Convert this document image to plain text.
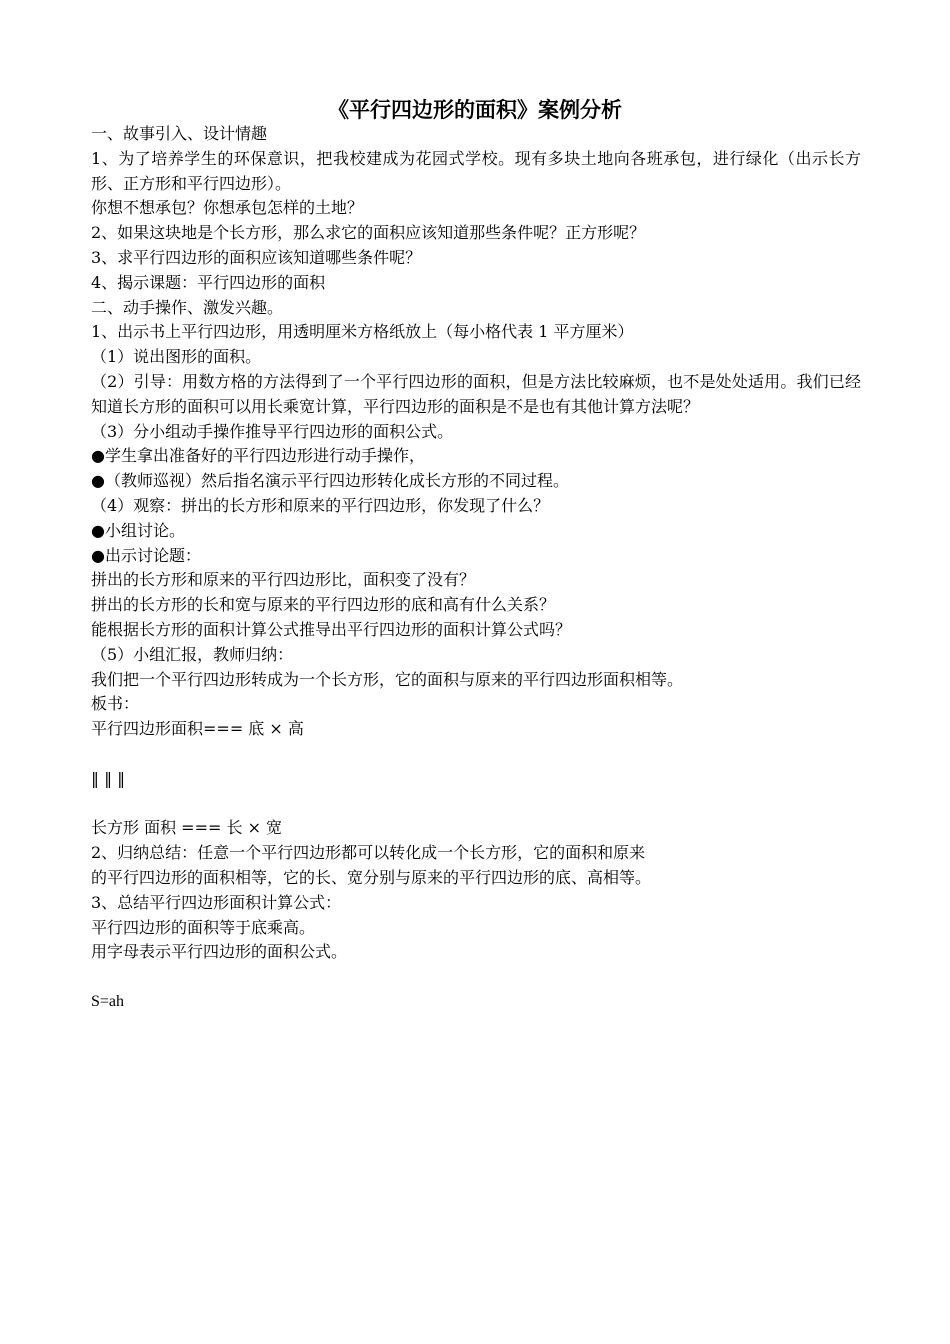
《平行四边形的面积》案例分析

一、故事引入、设计情趣

1、为了培养学生的环保意识，把我校建成为花园式学校。现有多块土地向各班承包，进行绿化（出示长方形、正方形和平行四边形）。

你想不想承包？你想承包怎样的土地？

2、如果这块地是个长方形，那么求它的面积应该知道那些条件呢？正方形呢？

3、求平行四边形的面积应该知道哪些条件呢？

4、揭示课题：平行四边形的面积

二、动手操作、激发兴趣。

1、出示书上平行四边形，用透明厘米方格纸放上（每小格代表 1 平方厘米）

（1）说出图形的面积。

（2）引导：用数方格的方法得到了一个平行四边形的面积，但是方法比较麻烦，也不是处处适用。我们已经知道长方形的面积可以用长乘宽计算，平行四边形的面积是不是也有其他计算方法呢？

（3）分小组动手操作推导平行四边形的面积公式。

●学生拿出准备好的平行四边形进行动手操作，

●（教师巡视）然后指名演示平行四边形转化成长方形的不同过程。

（4）观察：拼出的长方形和原来的平行四边形，你发现了什么？

●小组讨论。

●出示讨论题：

拼出的长方形和原来的平行四边形比，面积变了没有？

拼出的长方形的长和宽与原来的平行四边形的底和高有什么关系？

能根据长方形的面积计算公式推导出平行四边形的面积计算公式吗？

（5）小组汇报，教师归纳：

我们把一个平行四边形转成为一个长方形，它的面积与原来的平行四边形面积相等。

板书：

平行四边形面积=== 底 × 高

‖ ‖ ‖

长方形 面积 === 长 × 宽

2、归纳总结：任意一个平行四边形都可以转化成一个长方形，它的面积和原来

的平行四边形的面积相等，它的长、宽分别与原来的平行四边形的底、高相等。

3、总结平行四边形面积计算公式：

平行四边形的面积等于底乘高。

用字母表示平行四边形的面积公式。

S=ah
